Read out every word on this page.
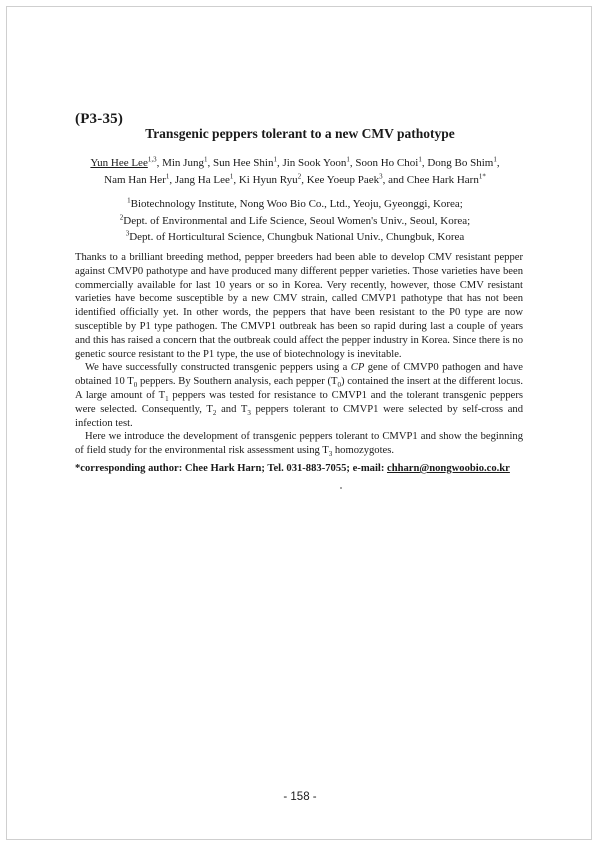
(P3-35)
Transgenic peppers tolerant to a new CMV pathotype
Yun Hee Lee$^{1,3}$, Min Jung$^1$, Sun Hee Shin$^1$, Jin Sook Yoon$^1$, Soon Ho Choi$^1$, Dong Bo Shim$^1$,
Nam Han Her$^1$, Jang Ha Lee$^1$, Ki Hyun Ryu$^2$, Kee Yoeup Paek$^3$, and Chee Hark Harn$^{1*}$
$^1$Biotechnology Institute, Nong Woo Bio Co., Ltd., Yeoju, Gyeonggi, Korea;
$^2$Dept. of Environmental and Life Science, Seoul Women's Univ., Seoul, Korea;
$^3$Dept. of Horticultural Science, Chungbuk National Univ., Chungbuk, Korea

Thanks to a brilliant breeding method, pepper breeders had been able to develop CMV resistant pepper against CMVP0 pathotype and have produced many different pepper varieties. Those varieties have been commercially available for last 10 years or so in Korea. Very recently, however, those CMV resistant varieties have become susceptible by a new CMV strain, called CMVP1 pathotype that has not been identified officially yet. In other words, the peppers that have been resistant to the P0 type are now susceptible by P1 type pathogen. The CMVP1 outbreak has been so rapid during last a couple of years and this has raised a concern that the outbreak could affect the pepper industry in Korea. Since there is no genetic source resistant to the P1 type, the use of biotechnology is inevitable.

We have successfully constructed transgenic peppers using a CP gene of CMVP0 pathogen and have obtained 10 $T_0$ peppers. By Southern analysis, each pepper $(T_0)$ contained the insert at the different locus. A large amount of $T_1$ peppers was tested for resistance to CMVP1 and the tolerant transgenic peppers were selected. Consequently, $T_2$ and $T_3$ peppers tolerant to CMVP1 were selected by self-cross and infection test.

Here we introduce the development of transgenic peppers tolerant to CMVP1 and show the beginning of field study for the environmental risk assessment using $T_3$ homozygotes.

*corresponding author: Chee Hark Harn; Tel. 031-883-7055; e-mail: chharn@nongwoobio.co.kr
- 158 -
